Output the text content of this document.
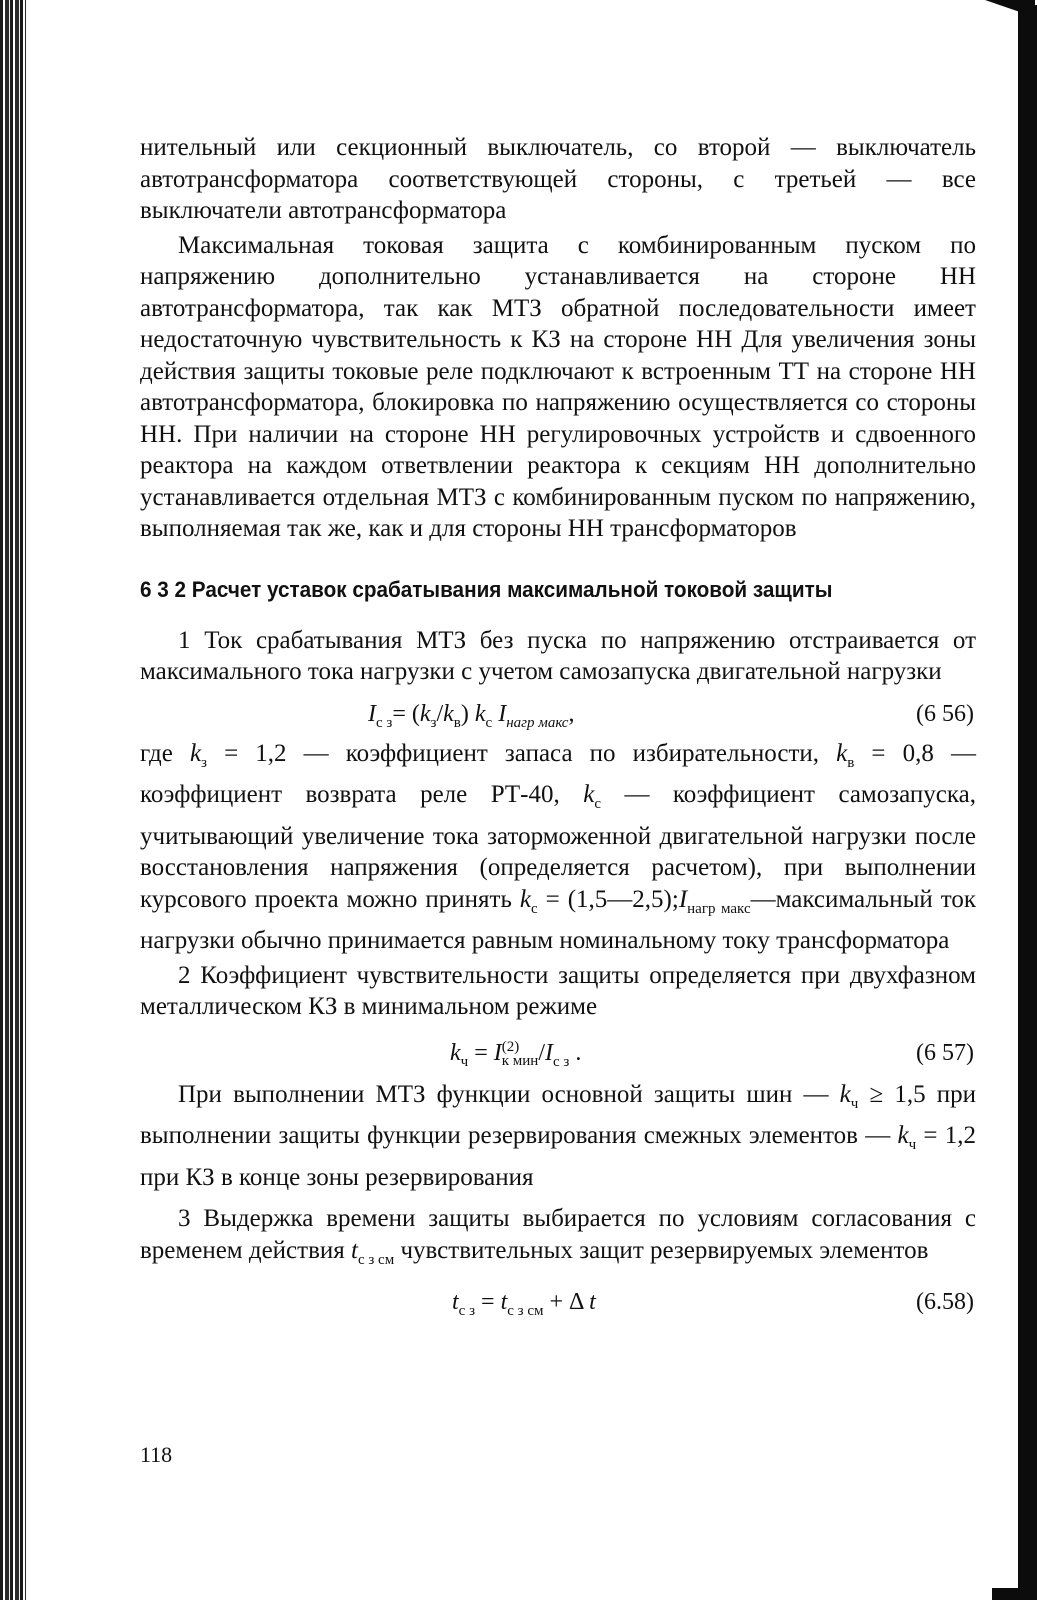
нительный или секционный выключатель, со второй — выключатель автотрансформатора соответствующей стороны, с третьей — все выключатели автотрансформатора

Максимальная токовая защита с комбинированным пуском по напряжению дополнительно устанавливается на стороне НН автотрансформатора, так как МТЗ обратной последовательности имеет недостаточную чувствительность к КЗ на стороне НН Для увеличения зоны действия защиты токовые реле подключают к встроенным ТТ на стороне НН автотрансформатора, блокировка по напряжению осуществляется со стороны НН. При наличии на стороне НН регулировочных устройств и сдвоенного реактора на каждом ответвлении реактора к секциям НН дополнительно устанавливается отдельная МТЗ с комбинированным пуском по напряжению, выполняемая так же, как и для стороны НН трансформаторов

6 3 2 Расчет уставок срабатывания максимальной токовой защиты

1 Ток срабатывания МТЗ без пуска по напряжению отстраивается от максимального тока нагрузки с учетом самозапуска двигательной нагрузки

$I_{с з}= (k_з/k_в)$ $k_с$ $I_{нагр макс}$,	(6 56)

где $k_з = 1,2$ — коэффициент запаса по избирательности, $k_в = 0,8$ — коэффициент возврата реле РТ-40, $k_с$ — коэффициент самозапуска, учитывающий увеличение тока заторможенной двигательной нагрузки после восстановления напряжения (определяется расчетом), при выполнении курсового проекта можно принять $k_с$ = $(1,5—2,5);I_{нагр макс}—максимальный$ ток нагрузки обычно принимается равным номинальному току трансформатора

2 Коэффициент чувствительности защиты определяется при двухфазном металлическом КЗ в минимальном режиме

$k_ч = I$ (2)
к мин $/I_{с з}$ .	(6 57)

При выполнении МТЗ функции основной защиты шин — $k_ч \ge 1,5$ при выполнении защиты функции резервирования смежных элементов — $k_ч = 1,2$ при КЗ в конце зоны резервирования

3 Выдержка времени защиты выбирается по условиям согласования с временем действия $t_{с з см}$ чувствительных защит резервируемых элементов

$t_{с з} = t_{с з см} + \Delta$ t	(6.58)
118
